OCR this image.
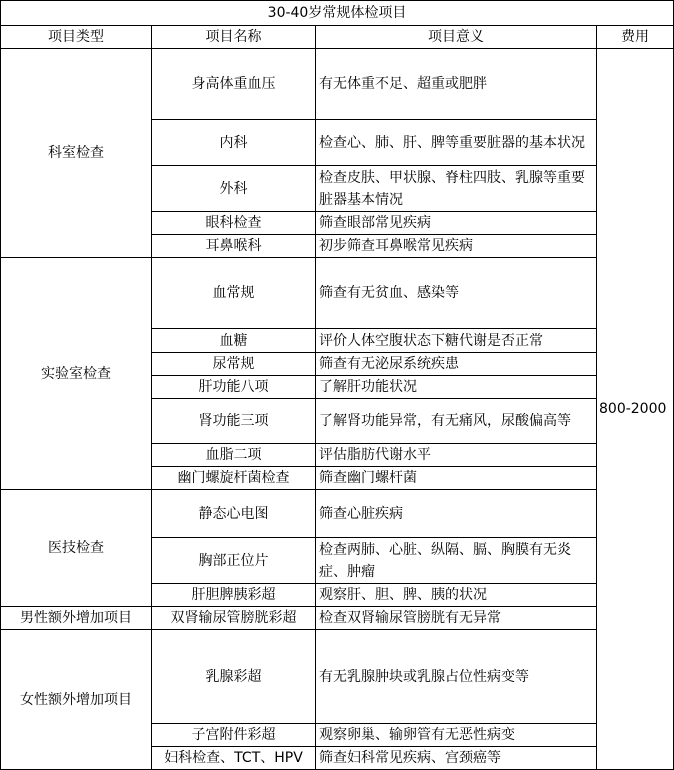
30-40岁常规体检项目			
项目类型	项目名称	项目意义	费用
科室检查	身高体重血压	有无体重不足、超重或肥胖	800-2000
	内科	检查心、肺、肝、脾等重要脏器的基本状况	
	外科	检查皮肤、甲状腺、脊柱四肢、乳腺等重要脏器基本情况	
	眼科检查	筛查眼部常见疾病	
	耳鼻喉科	初步筛查耳鼻喉常见疾病	
实验室检查	血常规	筛查有无贫血、感染等	
	血糖	评价人体空腹状态下糖代谢是否正常	
	尿常规	筛查有无泌尿系统疾患	
	肝功能八项	了解肝功能状况	
	肾功能三项	了解肾功能异常，有无痛风，尿酸偏高等	
	血脂二项	评估脂肪代谢水平	
	幽门螺旋杆菌检查	筛查幽门螺杆菌	
医技检查	静态心电图	筛查心脏疾病	
	胸部正位片	检查两肺、心脏、纵隔、膈、胸膜有无炎症、肿瘤	
	肝胆脾胰彩超	观察肝、胆、脾、胰的状况	
男性额外增加项目	双肾输尿管膀胱彩超	检查双肾输尿管膀胱有无异常	
女性额外增加项目	乳腺彩超	有无乳腺肿块或乳腺占位性病变等	
	子宫附件彩超	观察卵巢、输卵管有无恶性病变	
	妇科检查、TCT、HPV	筛查妇科常见疾病、宫颈癌等	
